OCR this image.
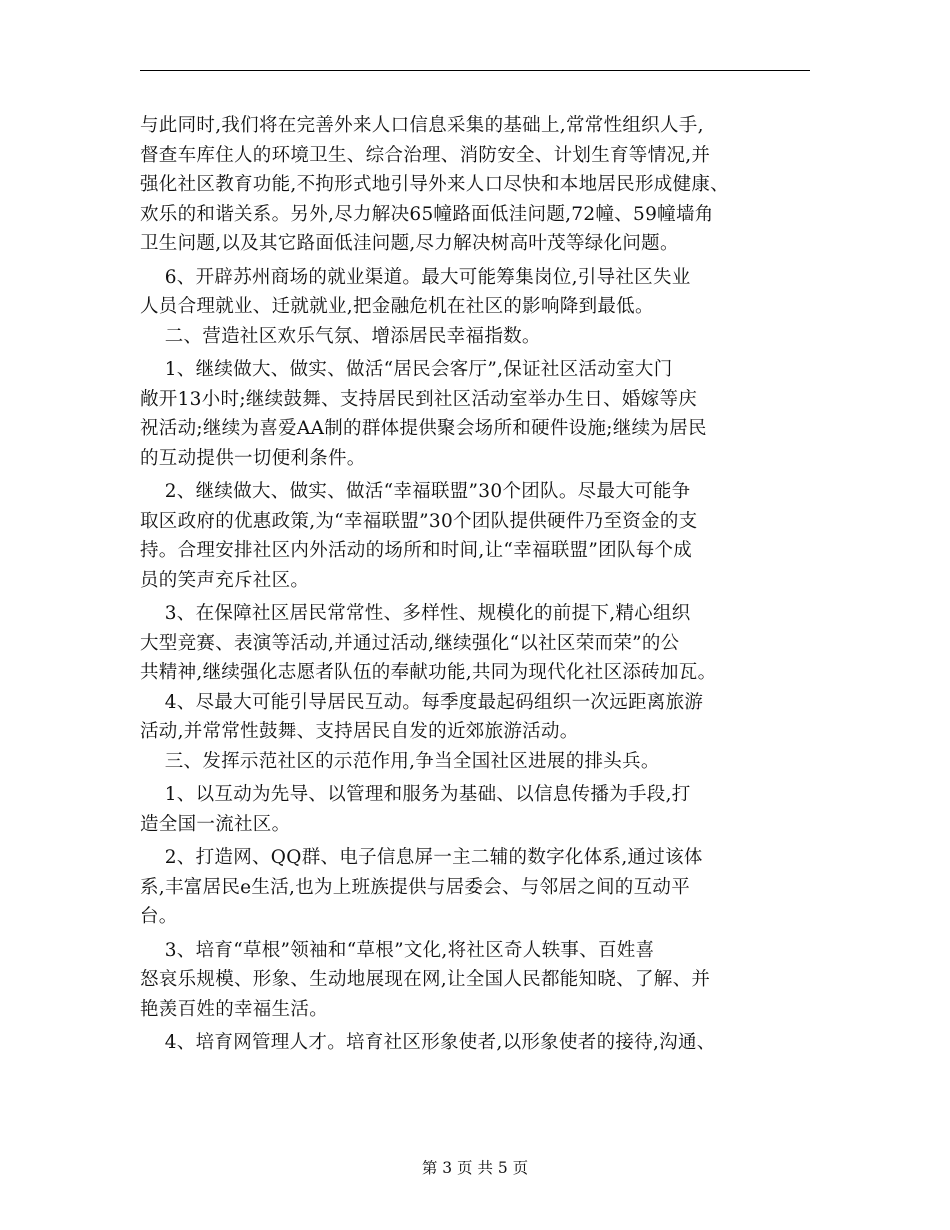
与此同时,我们将在完善外来人口信息采集的基础上,常常性组织人手,
督查车库住人的环境卫生、综合治理、消防安全、计划生育等情况,并
强化社区教育功能,不拘形式地引导外来人口尽快和本地居民形成健康、
欢乐的和谐关系。另外,尽力解决65幢路面低洼问题,72幢、59幢墙角
卫生问题,以及其它路面低洼问题,尽力解决树高叶茂等绿化问题。
6、开辟苏州商场的就业渠道。最大可能筹集岗位,引导社区失业
人员合理就业、迁就就业,把金融危机在社区的影响降到最低。
二、营造社区欢乐气氛、增添居民幸福指数。
1、继续做大、做实、做活“居民会客厅”,保证社区活动室大门
敞开13小时;继续鼓舞、支持居民到社区活动室举办生日、婚嫁等庆
祝活动;继续为喜爱AA制的群体提供聚会场所和硬件设施;继续为居民
的互动提供一切便利条件。
2、继续做大、做实、做活“幸福联盟”30个团队。尽最大可能争
取区政府的优惠政策,为“幸福联盟”30个团队提供硬件乃至资金的支
持。合理安排社区内外活动的场所和时间,让“幸福联盟”团队每个成
员的笑声充斥社区。
3、在保障社区居民常常性、多样性、规模化的前提下,精心组织
大型竞赛、表演等活动,并通过活动,继续强化“以社区荣而荣”的公
共精神,继续强化志愿者队伍的奉献功能,共同为现代化社区添砖加瓦。
4、尽最大可能引导居民互动。每季度最起码组织一次远距离旅游
活动,并常常性鼓舞、支持居民自发的近郊旅游活动。
三、发挥示范社区的示范作用,争当全国社区进展的排头兵。
1、以互动为先导、以管理和服务为基础、以信息传播为手段,打
造全国一流社区。
2、打造网、QQ群、电子信息屏一主二辅的数字化体系,通过该体
系,丰富居民e生活,也为上班族提供与居委会、与邻居之间的互动平
台。
3、培育“草根”领袖和“草根”文化,将社区奇人轶事、百姓喜
怒哀乐规模、形象、生动地展现在网,让全国人民都能知晓、了解、并
艳羡百姓的幸福生活。
4、培育网管理人才。培育社区形象使者,以形象使者的接待,沟通、
第 3 页 共 5 页
